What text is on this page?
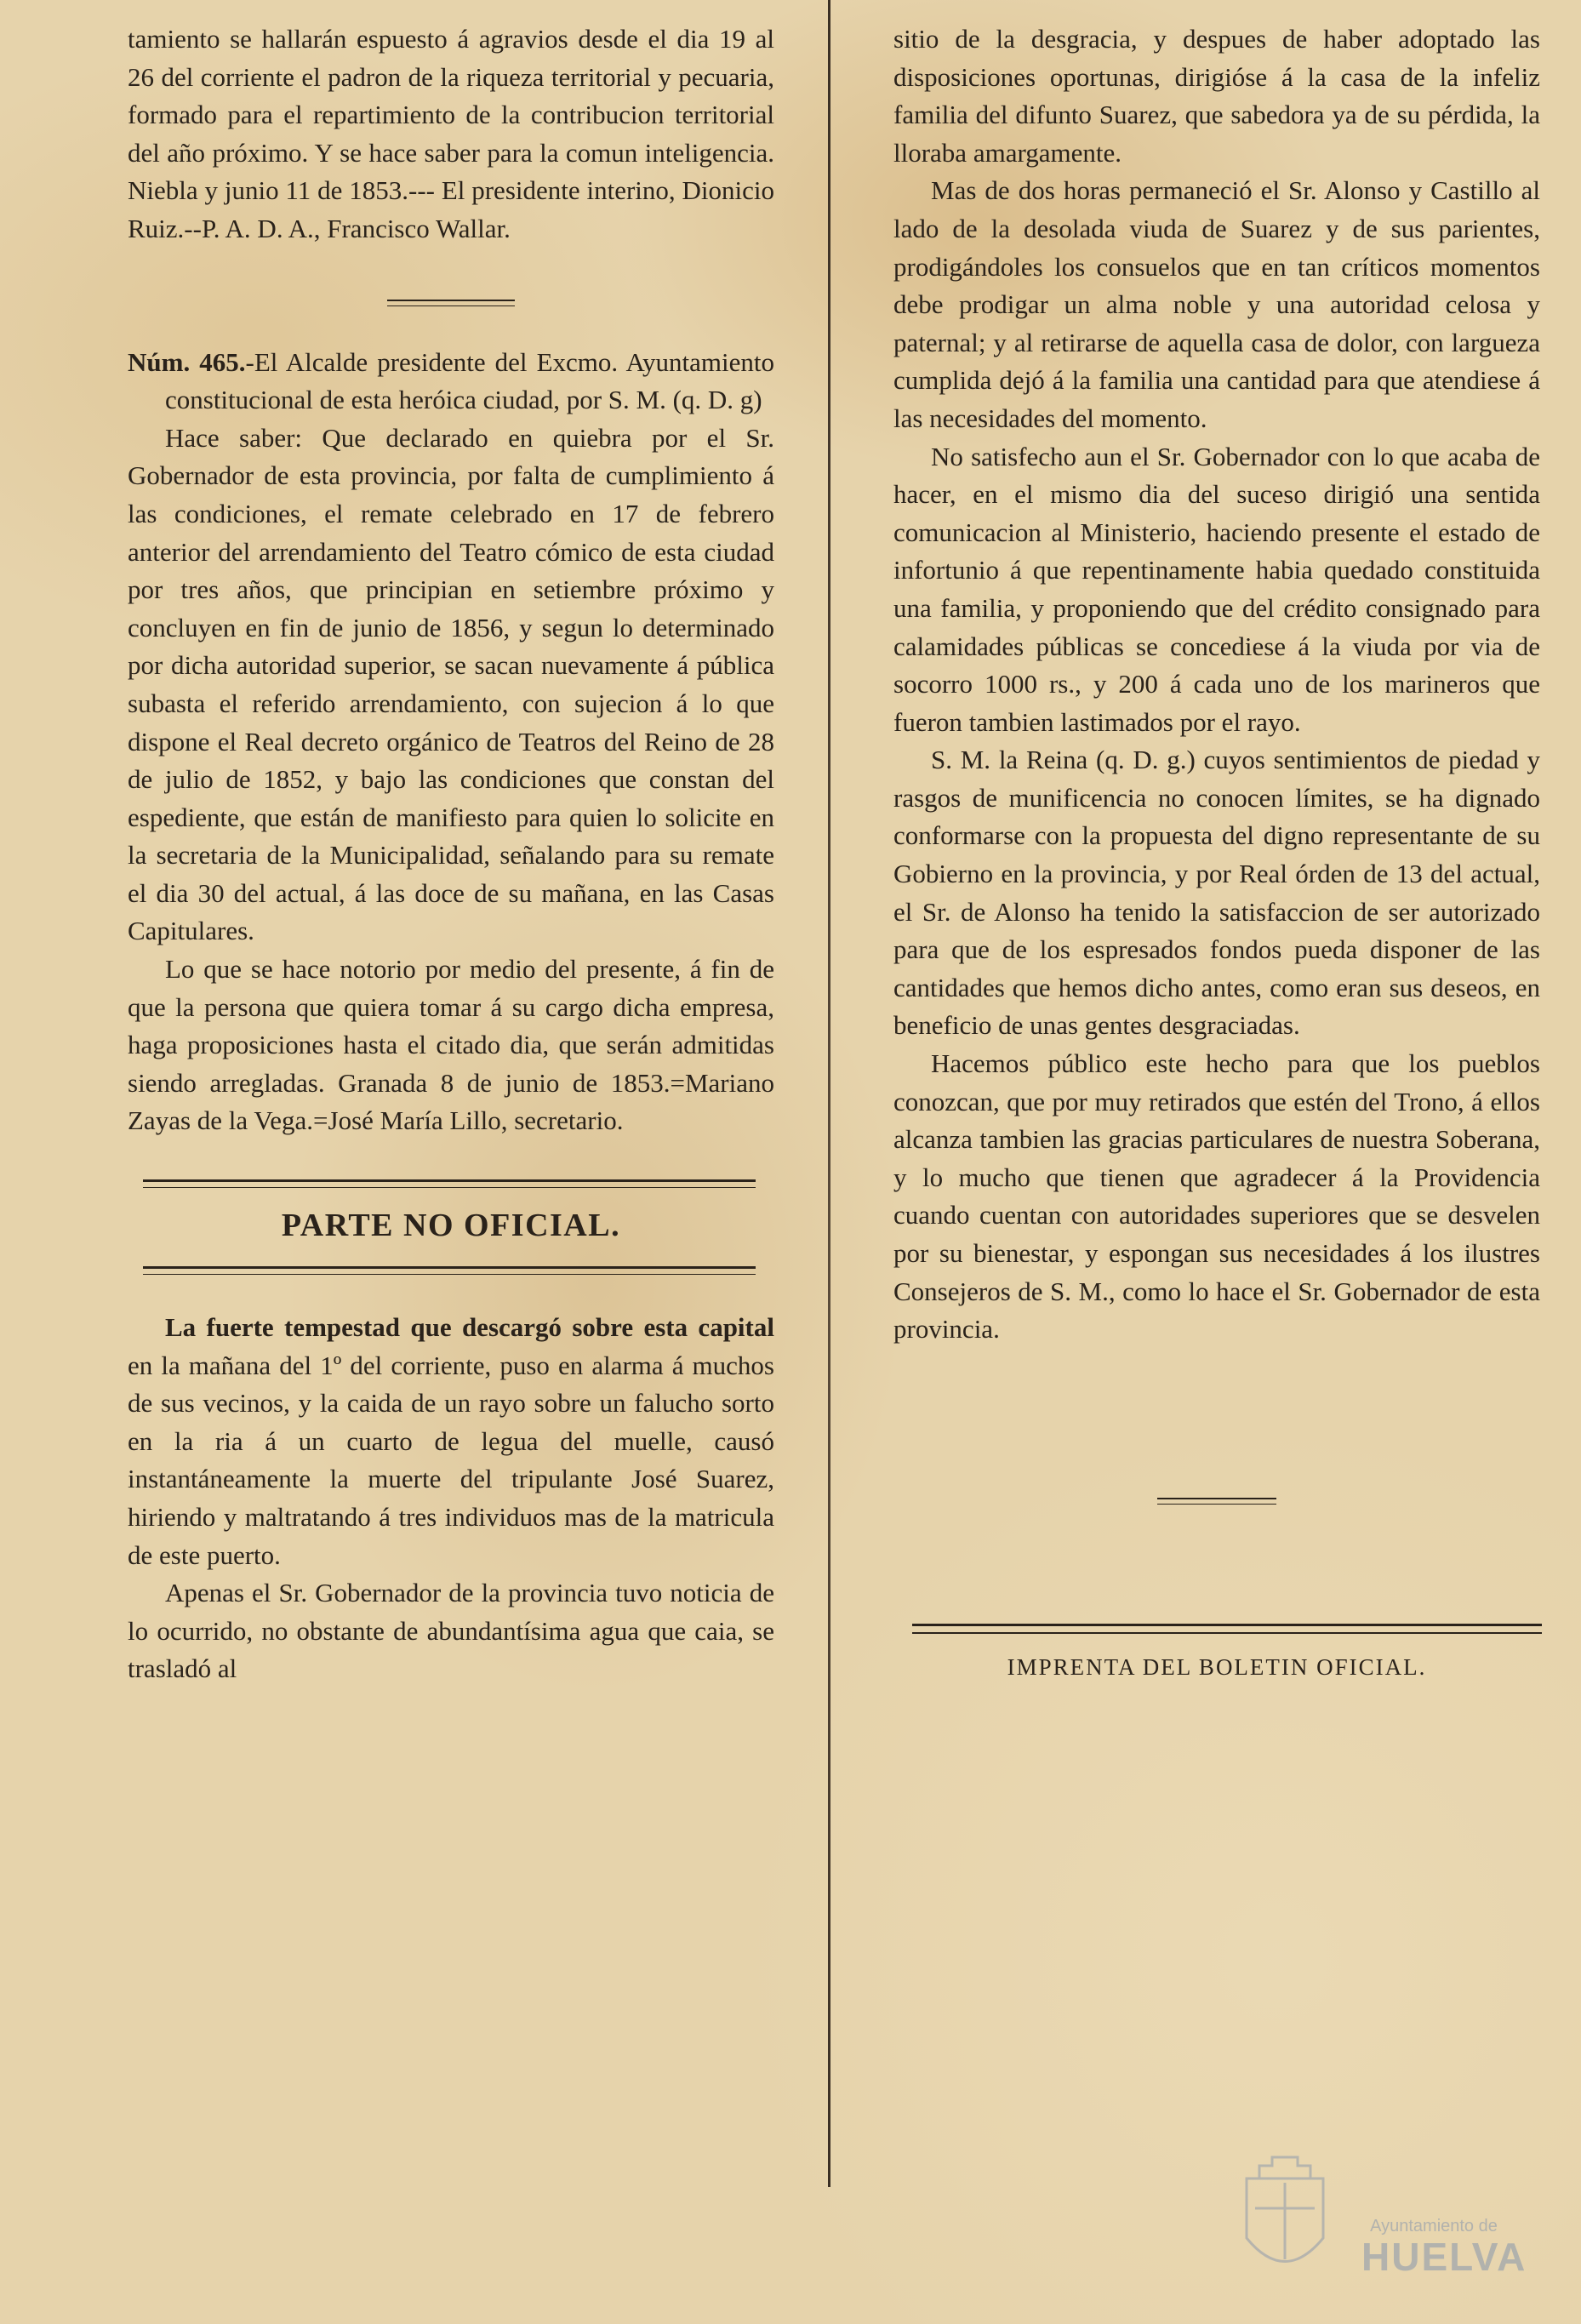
tamiento se hallarán espuesto á agravios desde el dia 19 al 26 del corriente el padron de la riqueza territorial y pecuaria, formado para el repartimiento de la contribucion territorial del año próximo. Y se hace saber para la comun inteligencia. Niebla y junio 11 de 1853.--- El presidente interino, Dionicio Ruiz.--P. A. D. A., Francisco Wallar.

Núm. 465.-El Alcalde presidente del Excmo. Ayuntamiento constitucional de esta heróica ciudad, por S. M. (q. D. g)

Hace saber: Que declarado en quiebra por el Sr. Gobernador de esta provincia, por falta de cumplimiento á las condiciones, el remate celebrado en 17 de febrero anterior del arrendamiento del Teatro cómico de esta ciudad por tres años, que principian en setiembre próximo y concluyen en fin de junio de 1856, y segun lo determinado por dicha autoridad superior, se sacan nuevamente á pública subasta el referido arrendamiento, con sujecion á lo que dispone el Real decreto orgánico de Teatros del Reino de 28 de julio de 1852, y bajo las condiciones que constan del espediente, que están de manifiesto para quien lo solicite en la secretaria de la Municipalidad, señalando para su remate el dia 30 del actual, á las doce de su mañana, en las Casas Capitulares.

Lo que se hace notorio por medio del presente, á fin de que la persona que quiera tomar á su cargo dicha empresa, haga proposiciones hasta el citado dia, que serán admitidas siendo arregladas. Granada 8 de junio de 1853.=Mariano Zayas de la Vega.=José María Lillo, secretario.

PARTE NO OFICIAL.

La fuerte tempestad que descargó sobre esta capital en la mañana del 1º del corriente, puso en alarma á muchos de sus vecinos, y la caida de un rayo sobre un falucho sorto en la ria á un cuarto de legua del muelle, causó instantáneamente la muerte del tripulante José Suarez, hiriendo y maltratando á tres individuos mas de la matricula de este puerto.

Apenas el Sr. Gobernador de la provincia tuvo noticia de lo ocurrido, no obstante de abundantísima agua que caia, se trasladó al

sitio de la desgracia, y despues de haber adoptado las disposiciones oportunas, dirigióse á la casa de la infeliz familia del difunto Suarez, que sabedora ya de su pérdida, la lloraba amargamente.

Mas de dos horas permaneció el Sr. Alonso y Castillo al lado de la desolada viuda de Suarez y de sus parientes, prodigándoles los consuelos que en tan críticos momentos debe prodigar un alma noble y una autoridad celosa y paternal; y al retirarse de aquella casa de dolor, con largueza cumplida dejó á la familia una cantidad para que atendiese á las necesidades del momento.

No satisfecho aun el Sr. Gobernador con lo que acaba de hacer, en el mismo dia del suceso dirigió una sentida comunicacion al Ministerio, haciendo presente el estado de infortunio á que repentinamente habia quedado constituida una familia, y proponiendo que del crédito consignado para calamidades públicas se concediese á la viuda por via de socorro 1000 rs., y 200 á cada uno de los marineros que fueron tambien lastimados por el rayo.

S. M. la Reina (q. D. g.) cuyos sentimientos de piedad y rasgos de munificencia no conocen límites, se ha dignado conformarse con la propuesta del digno representante de su Gobierno en la provincia, y por Real órden de 13 del actual, el Sr. de Alonso ha tenido la satisfaccion de ser autorizado para que de los espresados fondos pueda disponer de las cantidades que hemos dicho antes, como eran sus deseos, en beneficio de unas gentes desgraciadas.

Hacemos público este hecho para que los pueblos conozcan, que por muy retirados que estén del Trono, á ellos alcanza tambien las gracias particulares de nuestra Soberana, y lo mucho que tienen que agradecer á la Providencia cuando cuentan con autoridades superiores que se desvelen por su bienestar, y espongan sus necesidades á los ilustres Consejeros de S. M., como lo hace el Sr. Gobernador de esta provincia.

IMPRENTA DEL BOLETIN OFICIAL.
Ayuntamiento de
HUELVA
